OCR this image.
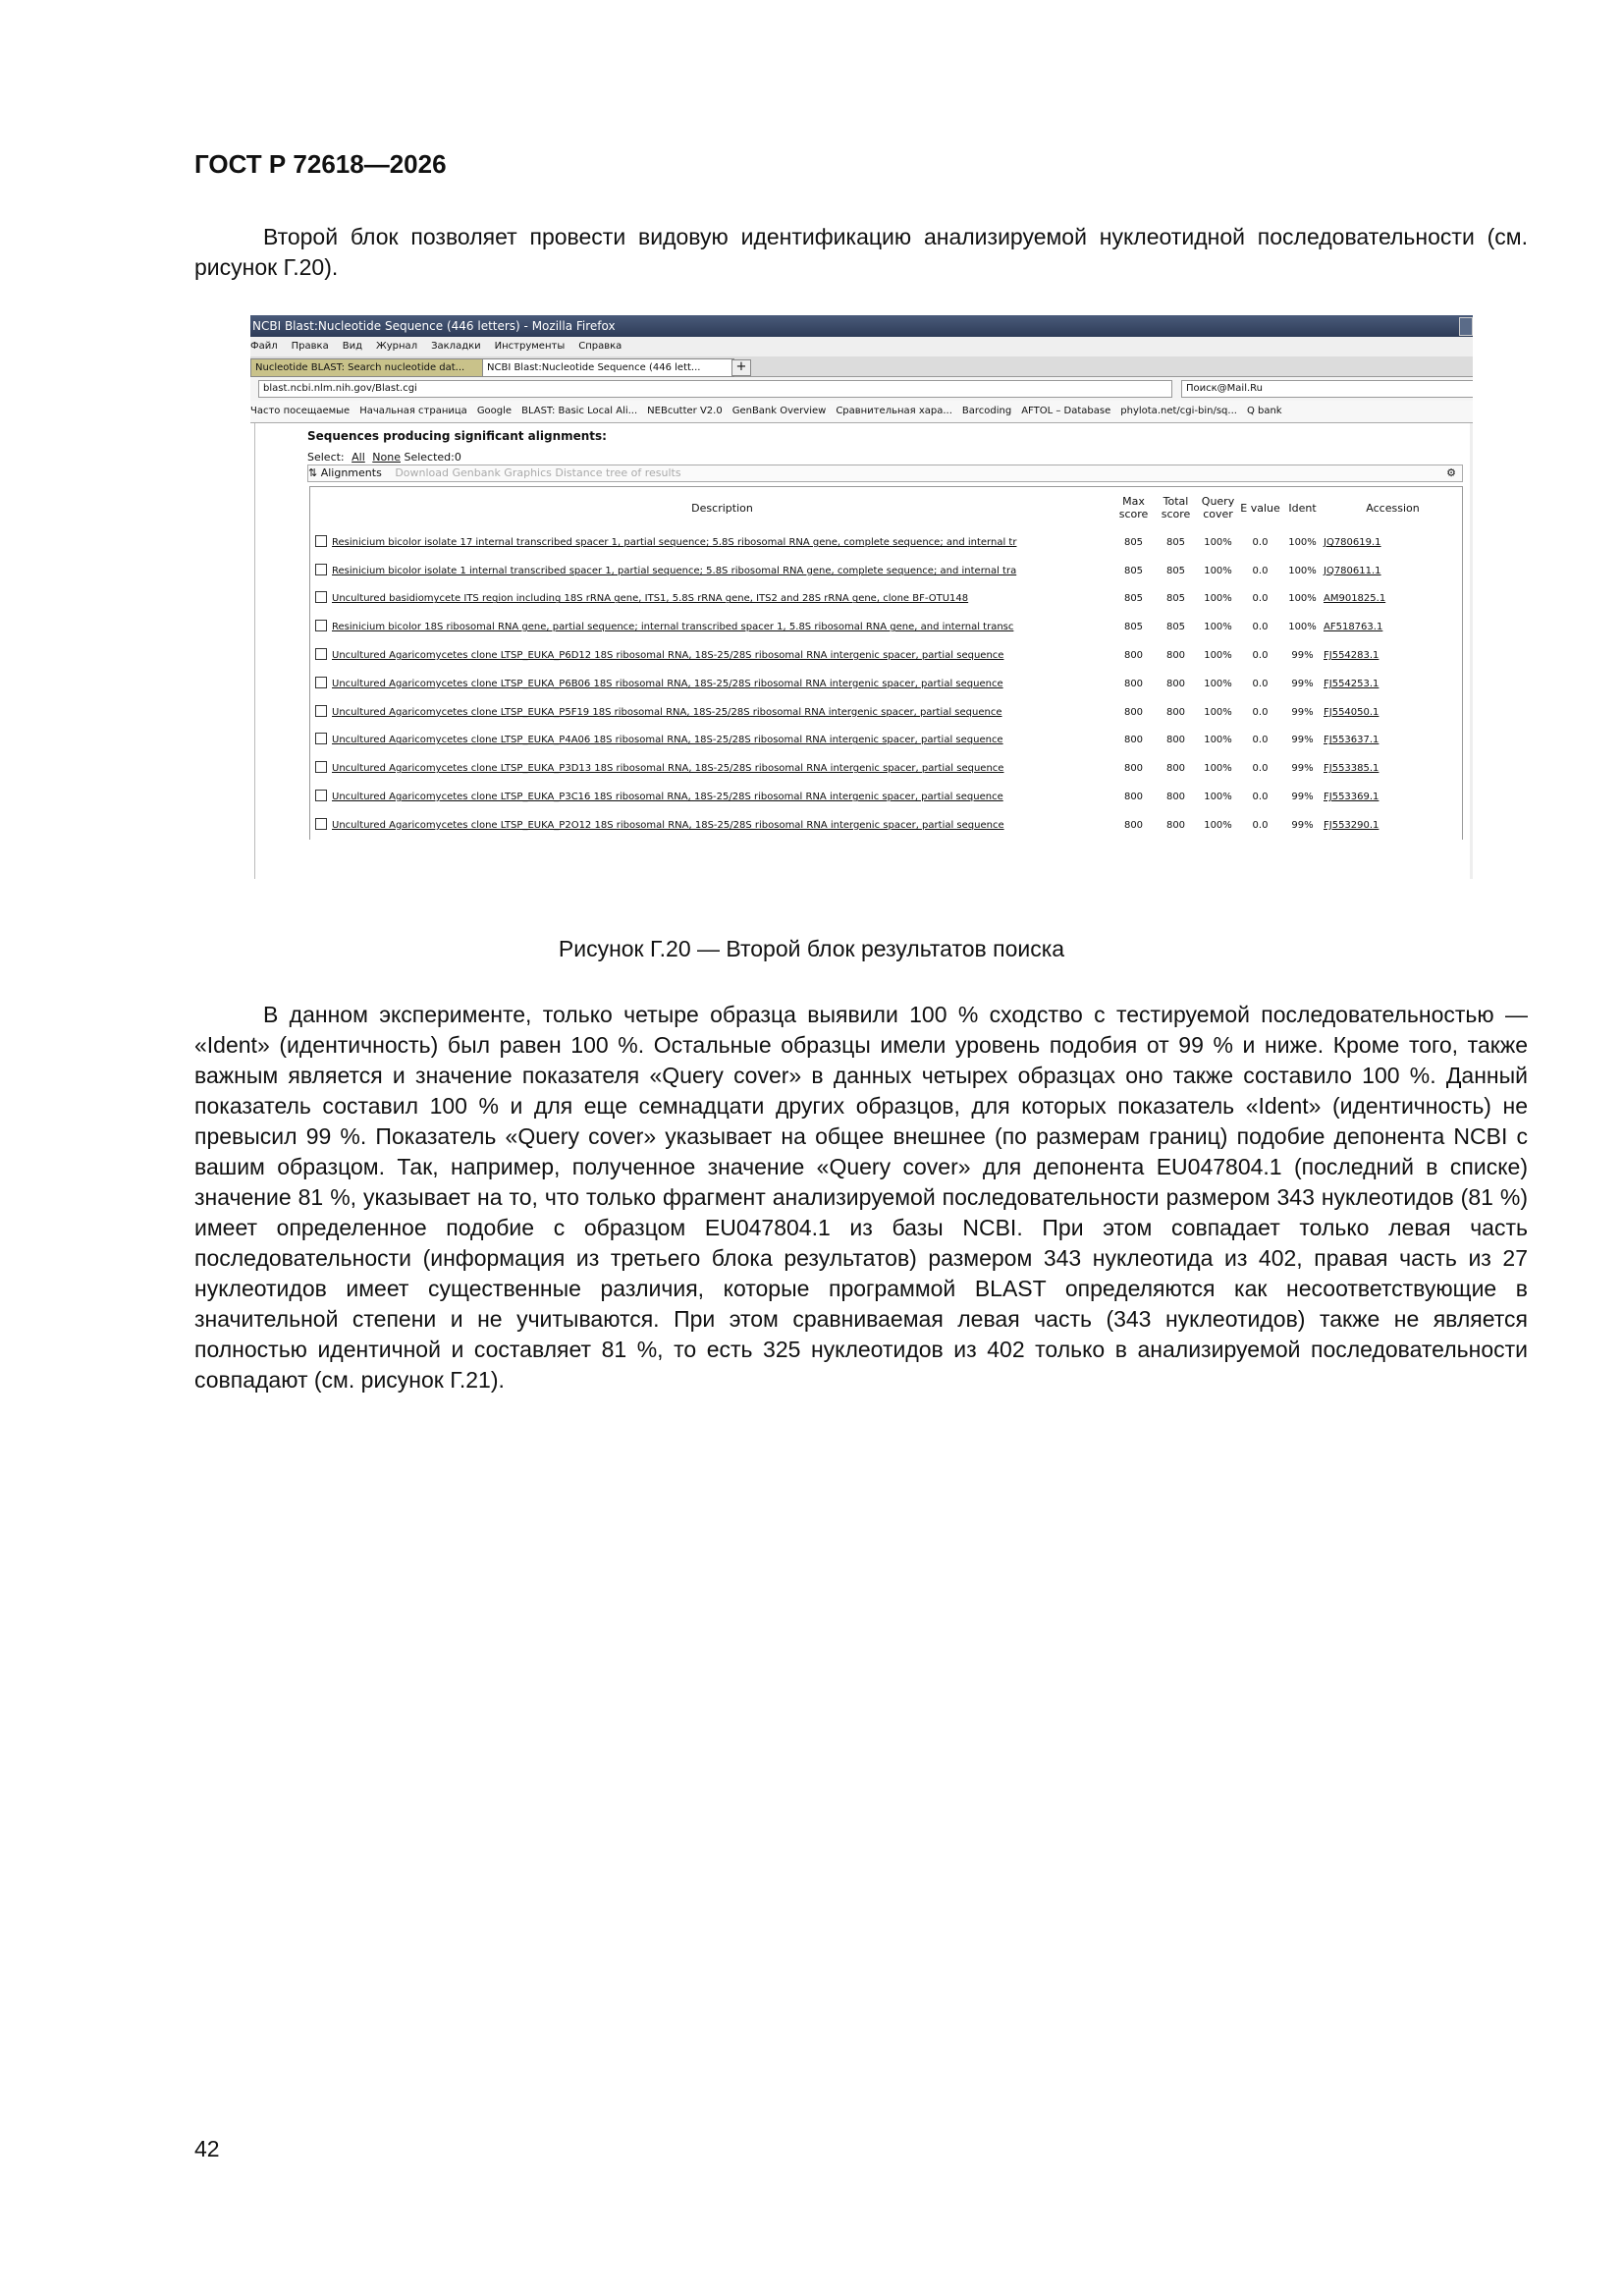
ГОСТ Р 72618—2026
Второй блок позволяет провести видовую идентификацию анализируемой нуклеотидной последовательности (см. рисунок Г.20).
NCBI Blast:Nucleotide Sequence (446 letters) - Mozilla Firefox
Файл Правка Вид Журнал Закладки Инструменты Справка
Nucleotide BLAST: Search nucleotide dat...	NCBI Blast:Nucleotide Sequence (446 lett...	+
blast.ncbi.nlm.nih.gov/Blast.cgi	Поиск@Mail.Ru
Часто посещаемые Начальная страница Google BLAST: Basic Local Ali... NEBcutter V2.0 GenBank Overview Сравнительная хара... Barcoding AFTOL – Database phylota.net/cgi-bin/sq... Q bank
Sequences producing significant alignments:
Select: All None Selected:0
⇅ Alignments Download Genbank Graphics Distance tree of results	⚙
	Description	Max score	Total score	Query cover	E value	Ident	Accession
	Resinicium bicolor isolate 17 internal transcribed spacer 1, partial sequence; 5.8S ribosomal RNA gene, complete sequence; and internal tr	805	805	100%	0.0	100%	JQ780619.1
	Resinicium bicolor isolate 1 internal transcribed spacer 1, partial sequence; 5.8S ribosomal RNA gene, complete sequence; and internal tra	805	805	100%	0.0	100%	JQ780611.1
	Uncultured basidiomycete ITS region including 18S rRNA gene, ITS1, 5.8S rRNA gene, ITS2 and 28S rRNA gene, clone BF-OTU148	805	805	100%	0.0	100%	AM901825.1
	Resinicium bicolor 18S ribosomal RNA gene, partial sequence; internal transcribed spacer 1, 5.8S ribosomal RNA gene, and internal transc	805	805	100%	0.0	100%	AF518763.1
	Uncultured Agaricomycetes clone LTSP_EUKA_P6D12 18S ribosomal RNA, 18S-25/28S ribosomal RNA intergenic spacer, partial sequence	800	800	100%	0.0	99%	FJ554283.1
	Uncultured Agaricomycetes clone LTSP_EUKA_P6B06 18S ribosomal RNA, 18S-25/28S ribosomal RNA intergenic spacer, partial sequence	800	800	100%	0.0	99%	FJ554253.1
	Uncultured Agaricomycetes clone LTSP_EUKA_P5F19 18S ribosomal RNA, 18S-25/28S ribosomal RNA intergenic spacer, partial sequence	800	800	100%	0.0	99%	FJ554050.1
	Uncultured Agaricomycetes clone LTSP_EUKA_P4A06 18S ribosomal RNA, 18S-25/28S ribosomal RNA intergenic spacer, partial sequence	800	800	100%	0.0	99%	FJ553637.1
	Uncultured Agaricomycetes clone LTSP_EUKA_P3D13 18S ribosomal RNA, 18S-25/28S ribosomal RNA intergenic spacer, partial sequence	800	800	100%	0.0	99%	FJ553385.1
	Uncultured Agaricomycetes clone LTSP_EUKA_P3C16 18S ribosomal RNA, 18S-25/28S ribosomal RNA intergenic spacer, partial sequence	800	800	100%	0.0	99%	FJ553369.1
	Uncultured Agaricomycetes clone LTSP_EUKA_P2O12 18S ribosomal RNA, 18S-25/28S ribosomal RNA intergenic spacer, partial sequence	800	800	100%	0.0	99%	FJ553290.1
Рисунок Г.20 — Второй блок результатов поиска
В данном эксперименте, только четыре образца выявили 100 % сходство с тестируемой последовательностью — «Ident» (идентичность) был равен 100 %. Остальные образцы имели уровень подобия от 99 % и ниже. Кроме того, также важным является и значение показателя «Query cover» в данных четырех образцах оно также составило 100 %. Данный показатель составил 100 % и для еще семнадцати других образцов, для которых показатель «Ident» (идентичность) не превысил 99 %. Показатель «Query cover» указывает на общее внешнее (по размерам границ) подобие депонента NCBI с вашим образцом. Так, например, полученное значение «Query cover» для депонента EU047804.1 (последний в списке) значение 81 %, указывает на то, что только фрагмент анализируемой последовательности размером 343 нуклеотидов (81 %) имеет определенное подобие с образцом EU047804.1 из базы NCBI. При этом совпадает только левая часть последовательности (информация из третьего блока результатов) размером 343 нуклеотида из 402, правая часть из 27 нуклеотидов имеет существенные различия, которые программой BLAST определяются как несоответствующие в значительной степени и не учитываются. При этом сравниваемая левая часть (343 нуклеотидов) также не является полностью идентичной и составляет 81 %, то есть 325 нуклеотидов из 402 только в анализируемой последовательности совпадают (см. рисунок Г.21).
42
